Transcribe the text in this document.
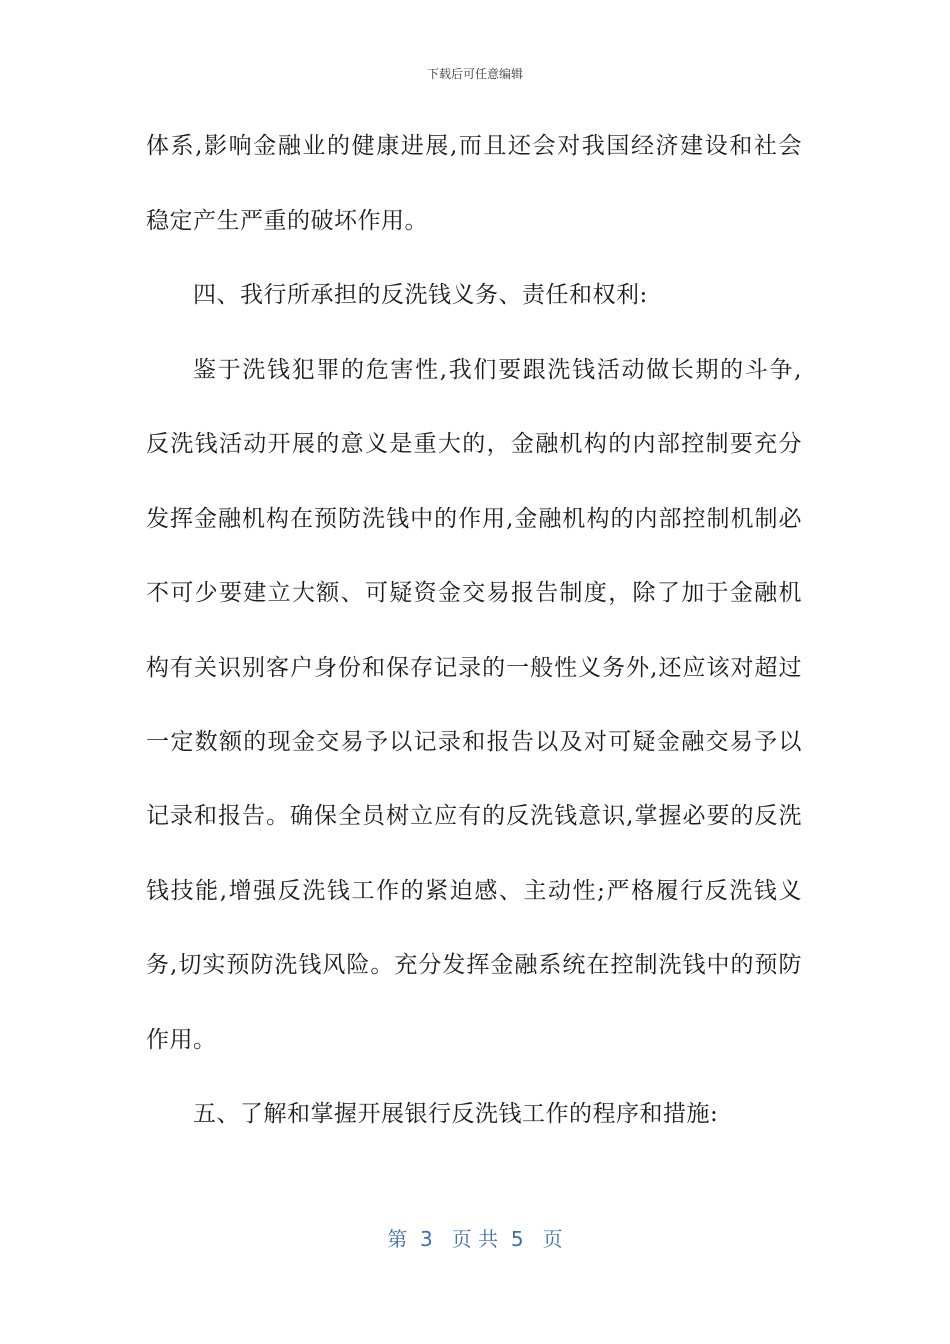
下载后可任意编辑
体系,影响金融业的健康进展,而且还会对我国经济建设和社会
稳定产生严重的破坏作用。
四、我行所承担的反洗钱义务、责任和权利:
鉴于洗钱犯罪的危害性,我们要跟洗钱活动做长期的斗争,
反洗钱活动开展的意义是重大的，金融机构的内部控制要充分
发挥金融机构在预防洗钱中的作用,金融机构的内部控制机制必
不可少要建立大额、可疑资金交易报告制度，除了加于金融机
构有关识别客户身份和保存记录的一般性义务外,还应该对超过
一定数额的现金交易予以记录和报告以及对可疑金融交易予以
记录和报告。确保全员树立应有的反洗钱意识,掌握必要的反洗
钱技能,增强反洗钱工作的紧迫感、主动性;严格履行反洗钱义
务,切实预防洗钱风险。充分发挥金融系统在控制洗钱中的预防
作用。
五、了解和掌握开展银行反洗钱工作的程序和措施:
第  3   页 共  5   页
